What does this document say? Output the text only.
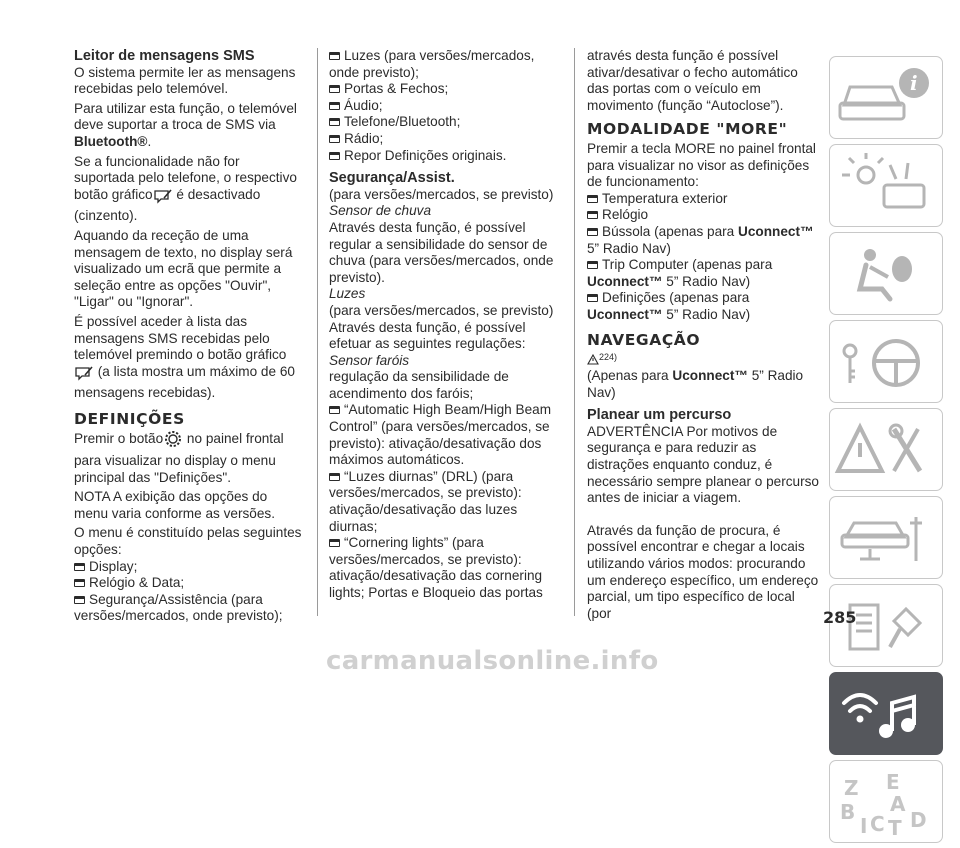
Leitor de mensagens SMS
O sistema permite ler as mensagens recebidas pelo telemóvel.
Para utilizar esta função, o telemóvel deve suportar a troca de SMS via Bluetooth®.
Se a funcionalidade não for suportada pelo telefone, o respectivo botão gráfico é desactivado (cinzento).
Aquando da receção de uma mensagem de texto, no display será visualizado um ecrã que permite a seleção entre as opções "Ouvir", "Ligar" ou "Ignorar".
É possível aceder à lista das mensagens SMS recebidas pelo telemóvel premindo o botão gráfico
(a lista mostra um máximo de 60 mensagens recebidas).
DEFINIÇÕES
Premir o botão no painel frontal para visualizar no display o menu principal das "Definições".
NOTA A exibição das opções do menu varia conforme as versões.
O menu é constituído pelas seguintes opções:
Display;
Relógio & Data;
Segurança/Assistência (para versões/mercados, onde previsto);
Luzes (para versões/mercados, onde previsto);
Portas & Fechos;
Áudio;
Telefone/Bluetooth;
Rádio;
Repor Definições originais.
Segurança/Assist.
(para versões/mercados, se previsto)
Sensor de chuva
Através desta função, é possível regular a sensibilidade do sensor de chuva (para versões/mercados, onde previsto).
Luzes
(para versões/mercados, se previsto)
Através desta função, é possível efetuar as seguintes regulações:
Sensor faróis
regulação da sensibilidade de acendimento dos faróis;
“Automatic High Beam/High Beam Control” (para versões/mercados, se previsto): ativação/desativação dos máximos automáticos.
“Luzes diurnas” (DRL) (para versões/mercados, se previsto): ativação/desativação das luzes diurnas;
“Cornering lights” (para versões/mercados, se previsto): ativação/desativação das cornering lights; Portas e Bloqueio das portas
através desta função é possível ativar/desativar o fecho automático das portas com o veículo em movimento (função “Autoclose”).
MODALIDADE "MORE"
Premir a tecla MORE no painel frontal para visualizar no visor as definições de funcionamento:
Temperatura exterior
Relógio
Bússola (apenas para Uconnect™ 5” Radio Nav)
Trip Computer (apenas para Uconnect™ 5” Radio Nav)
Definições (apenas para Uconnect™ 5” Radio Nav)
NAVEGAÇÃO
224)
(Apenas para Uconnect™ 5” Radio Nav)
Planear um percurso
ADVERTÊNCIA Por motivos de segurança e para reduzir as distrações enquanto conduz, é necessário sempre planear o percurso antes de iniciar a viagem.
Através da função de procura, é possível encontrar e chegar a locais utilizando vários modos: procurando um endereço específico, um endereço parcial, um tipo específico de local (por
i
Z E
B A
I C T D
285
carmanualsonline.info
